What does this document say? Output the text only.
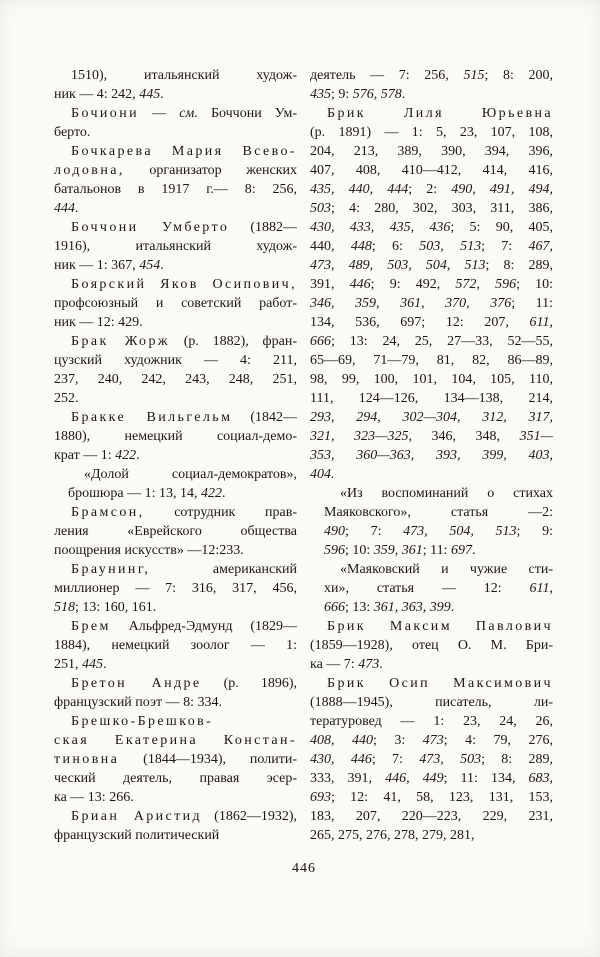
1510), итальянский худож-
ник — 4: 242, 445.
Бочиони — см. Боччони Ум-
берто.
Бочкарева Мария Всево-
лодовна, организатор женских
батальонов в 1917 г.— 8: 256,
444.
Боччони Умберто (1882—
1916), итальянский худож-
ник — 1: 367, 454.
Боярский Яков Осипович,
профсоюзный и советский работ-
ник — 12: 429.
Брак Жорж (р. 1882), фран-
цузский художник — 4: 211,
237, 240, 242, 243, 248, 251,
252.
Бракке Вильгельм (1842—
1880), немецкий социал-демо-
крат — 1: 422.
«Долой социал-демократов»,
брошюра — 1: 13, 14, 422.
Брамсон, сотрудник прав-
ления «Еврейского общества
поощрения искусств» —12:233.
Браунинг, американский
миллионер — 7: 316, 317, 456,
518; 13: 160, 161.
Брем Альфред-Эдмунд (1829—
1884), немецкий зоолог — 1:
251, 445.
Бретон Андре (р. 1896),
французский поэт — 8: 334.
Брешко-Брешков-
ская Екатерина Констан-
тиновна (1844—1934), полити-
ческий деятель, правая эсер-
ка — 13: 266.
Бриан Аристид (1862—1932),
французский политический
деятель — 7: 256, 515; 8: 200,
435; 9: 576, 578.
Брик Лиля Юрьевна
(р. 1891) — 1: 5, 23, 107, 108,
204, 213, 389, 390, 394, 396,
407, 408, 410—412, 414, 416,
435, 440, 444; 2: 490, 491, 494,
503; 4: 280, 302, 303, 311, 386,
430, 433, 435, 436; 5: 90, 405,
440, 448; 6: 503, 513; 7: 467,
473, 489, 503, 504, 513; 8: 289,
391, 446; 9: 492, 572, 596; 10:
346, 359, 361, 370, 376; 11:
134, 536, 697; 12: 207, 611,
666; 13: 24, 25, 27—33, 52—55,
65—69, 71—79, 81, 82, 86—89,
98, 99, 100, 101, 104, 105, 110,
111, 124—126, 134—138, 214,
293, 294, 302—304, 312, 317,
321, 323—325, 346, 348, 351—
353, 360—363, 393, 399, 403,
404.
«Из воспоминаний о стихах
Маяковского», статья —2:
490; 7: 473, 504, 513; 9:
596; 10: 359, 361; 11: 697.
«Маяковский и чужие сти-
хи», статья — 12: 611,
666; 13: 361, 363, 399.
Брик Максим Павлович
(1859—1928), отец О. М. Бри-
ка — 7: 473.
Брик Осип Максимович
(1888—1945), писатель, ли-
тературовед — 1: 23, 24, 26,
408, 440; 3: 473; 4: 79, 276,
430, 446; 7: 473, 503; 8: 289,
333, 391, 446, 449; 11: 134, 683,
693; 12: 41, 58, 123, 131, 153,
183, 207, 220—223, 229, 231,
265, 275, 276, 278, 279, 281,
446
